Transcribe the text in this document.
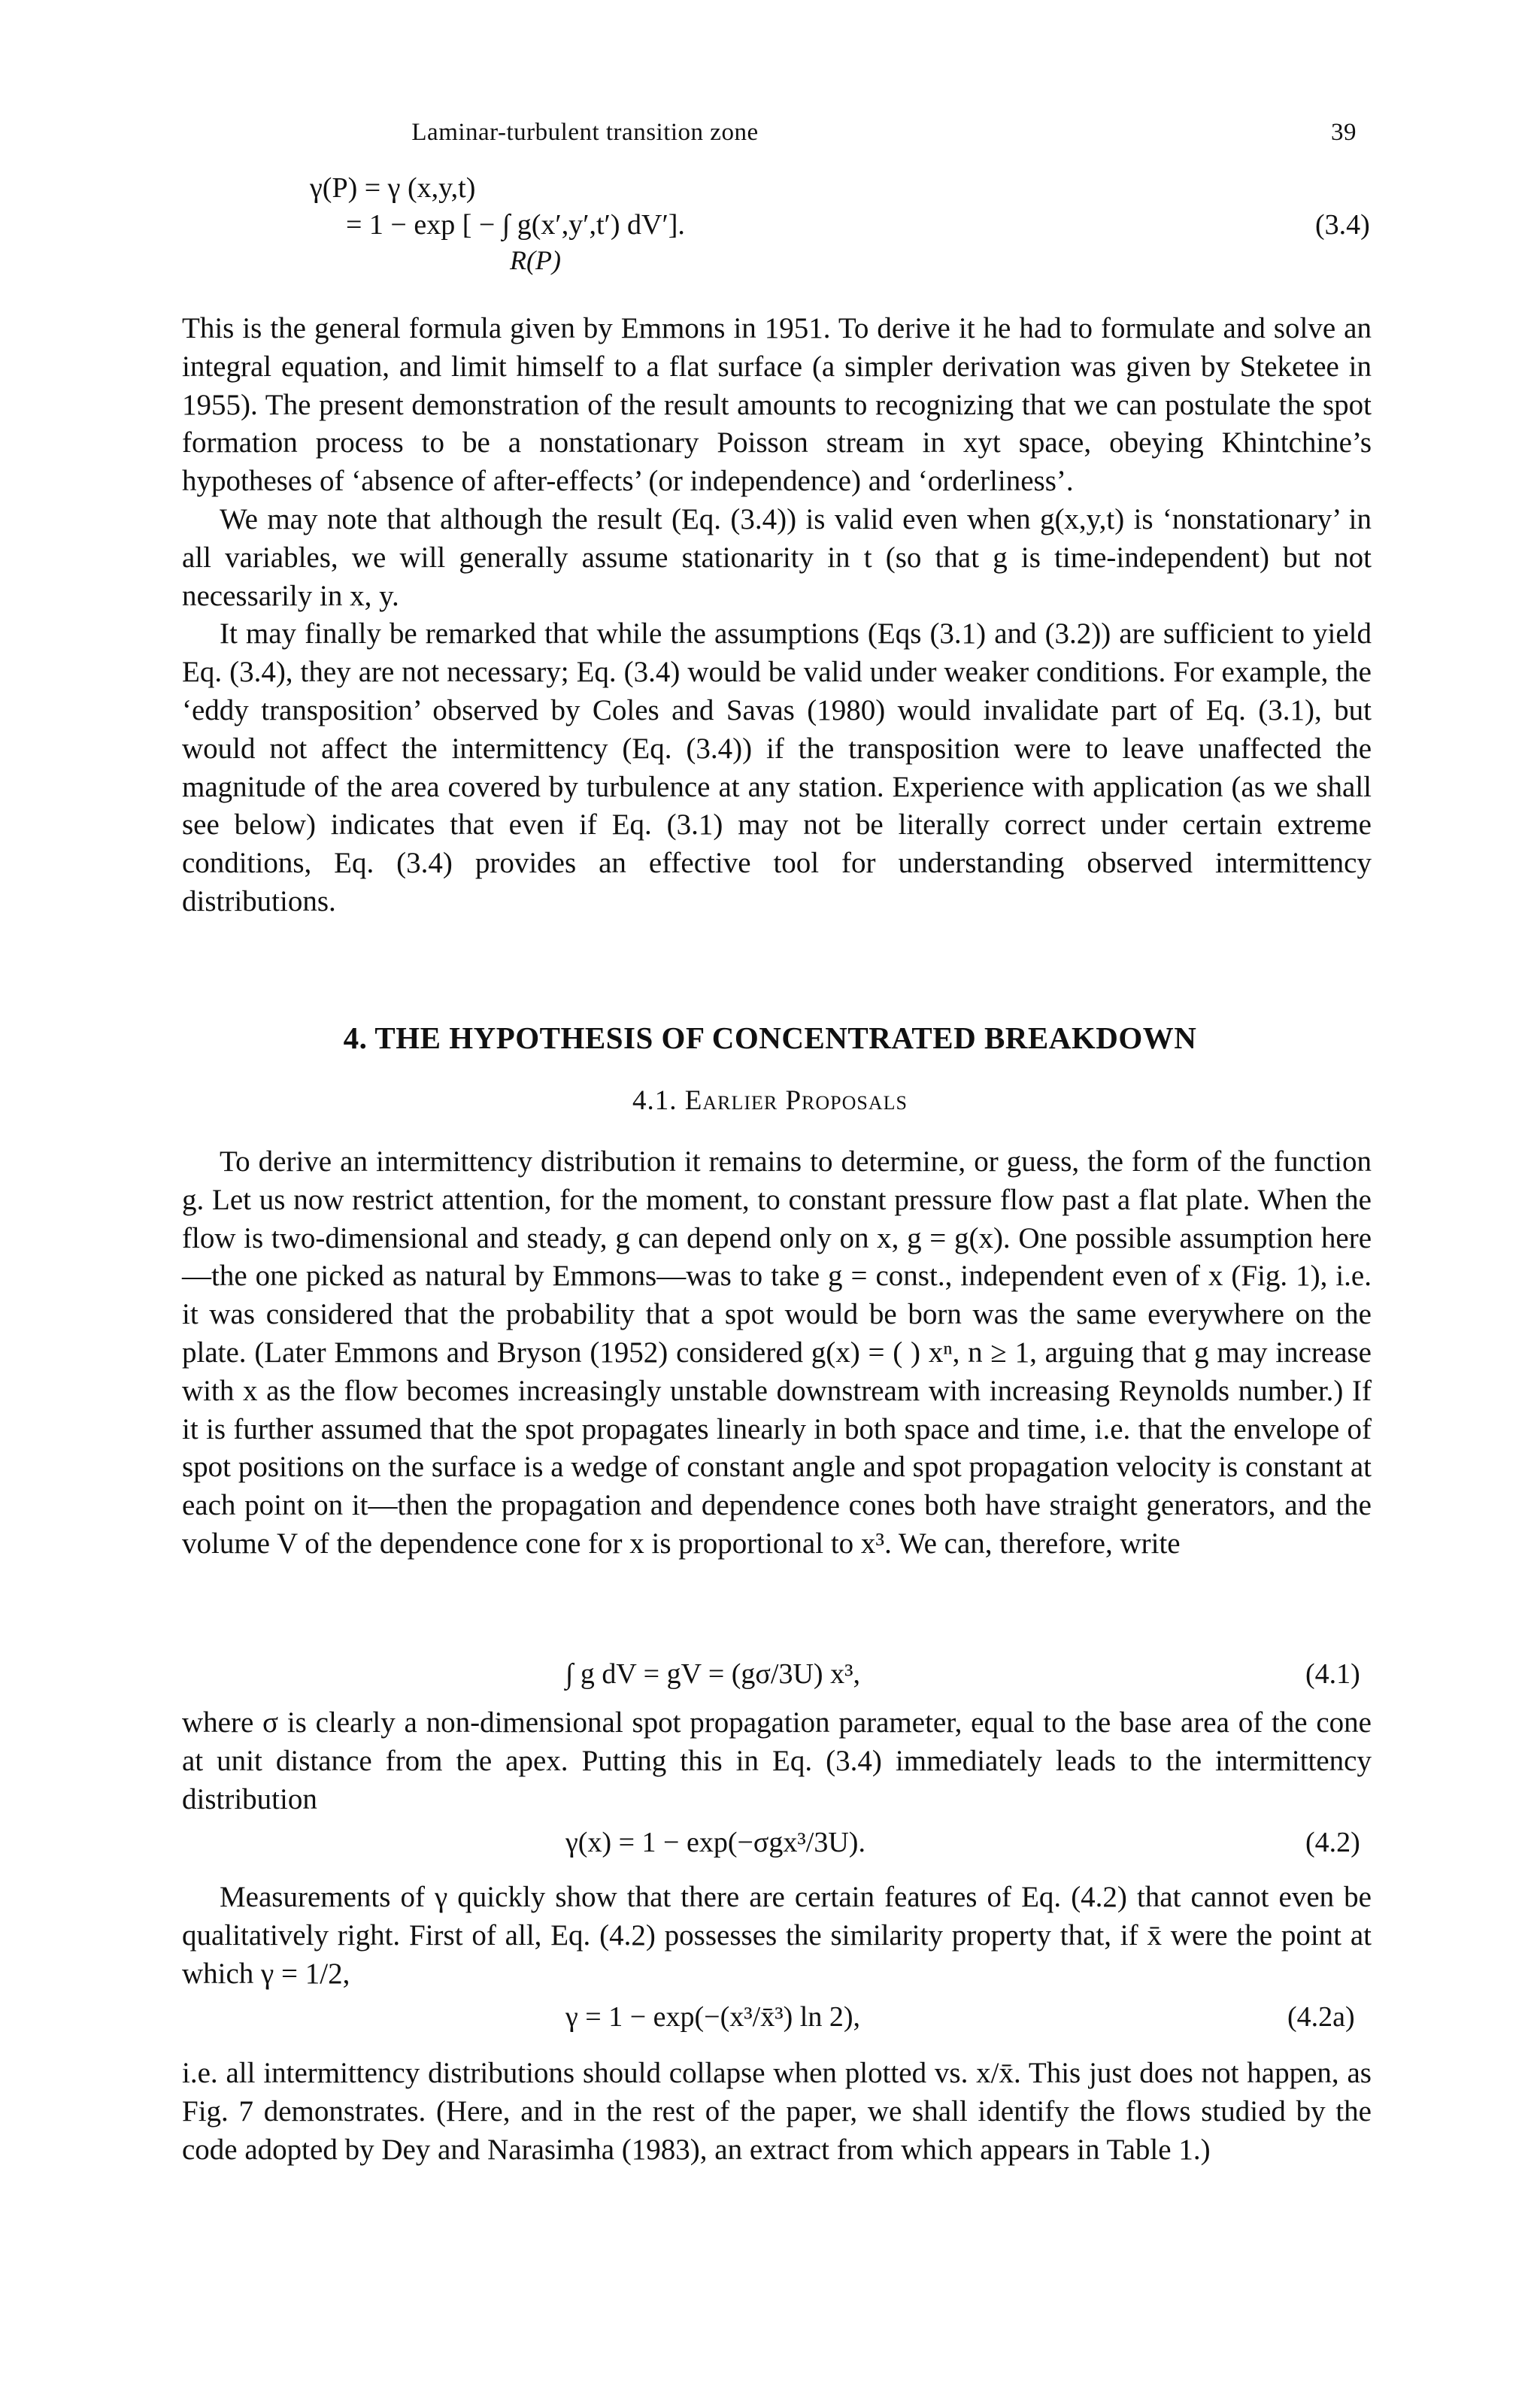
Laminar-turbulent transition zone	39
γ(P) = γ (x,y,t)
= 1 − exp [ − ∫ g(x′,y′,t′) dV′].	(3.4)
R(P)

This is the general formula given by Emmons in 1951. To derive it he had to formulate and solve an integral equation, and limit himself to a flat surface (a simpler derivation was given by Steketee in 1955). The present demonstration of the result amounts to recognizing that we can postulate the spot formation process to be a nonstationary Poisson stream in xyt space, obeying Khintchine’s hypotheses of ‘absence of after-effects’ (or independence) and ‘orderliness’.

We may note that although the result (Eq. (3.4)) is valid even when g(x,y,t) is ‘nonstationary’ in all variables, we will generally assume stationarity in t (so that g is time-independent) but not necessarily in x, y.

It may finally be remarked that while the assumptions (Eqs (3.1) and (3.2)) are sufficient to yield Eq. (3.4), they are not necessary; Eq. (3.4) would be valid under weaker conditions. For example, the ‘eddy transposition’ observed by Coles and Savas (1980) would invalidate part of Eq. (3.1), but would not affect the intermittency (Eq. (3.4)) if the transposition were to leave unaffected the magnitude of the area covered by turbulence at any station. Experience with application (as we shall see below) indicates that even if Eq. (3.1) may not be literally correct under certain extreme conditions, Eq. (3.4) provides an effective tool for understanding observed intermittency distributions.

4. THE HYPOTHESIS OF CONCENTRATED BREAKDOWN
4.1. Earlier Proposals

To derive an intermittency distribution it remains to determine, or guess, the form of the function g. Let us now restrict attention, for the moment, to constant pressure flow past a flat plate. When the flow is two-dimensional and steady, g can depend only on x, g = g(x). One possible assumption here—the one picked as natural by Emmons—was to take g = const., independent even of x (Fig. 1), i.e. it was considered that the probability that a spot would be born was the same everywhere on the plate. (Later Emmons and Bryson (1952) considered g(x) = ( ) xⁿ, n ≥ 1, arguing that g may increase with x as the flow becomes increasingly unstable downstream with increasing Reynolds number.) If it is further assumed that the spot propagates linearly in both space and time, i.e. that the envelope of spot positions on the surface is a wedge of constant angle and spot propagation velocity is constant at each point on it—then the propagation and dependence cones both have straight generators, and the volume V of the dependence cone for x is proportional to x³. We can, therefore, write

∫ g dV = gV = (gσ/3U) x³,	(4.1)

where σ is clearly a non-dimensional spot propagation parameter, equal to the base area of the cone at unit distance from the apex. Putting this in Eq. (3.4) immediately leads to the intermittency distribution

γ(x) = 1 − exp(−σgx³/3U).	(4.2)

Measurements of γ quickly show that there are certain features of Eq. (4.2) that cannot even be qualitatively right. First of all, Eq. (4.2) possesses the similarity property that, if x̄ were the point at which γ = 1/2,

γ = 1 − exp(−(x³/x̄³) ln 2),	(4.2a)

i.e. all intermittency distributions should collapse when plotted vs. x/x̄. This just does not happen, as Fig. 7 demonstrates. (Here, and in the rest of the paper, we shall identify the flows studied by the code adopted by Dey and Narasimha (1983), an extract from which appears in Table 1.)
